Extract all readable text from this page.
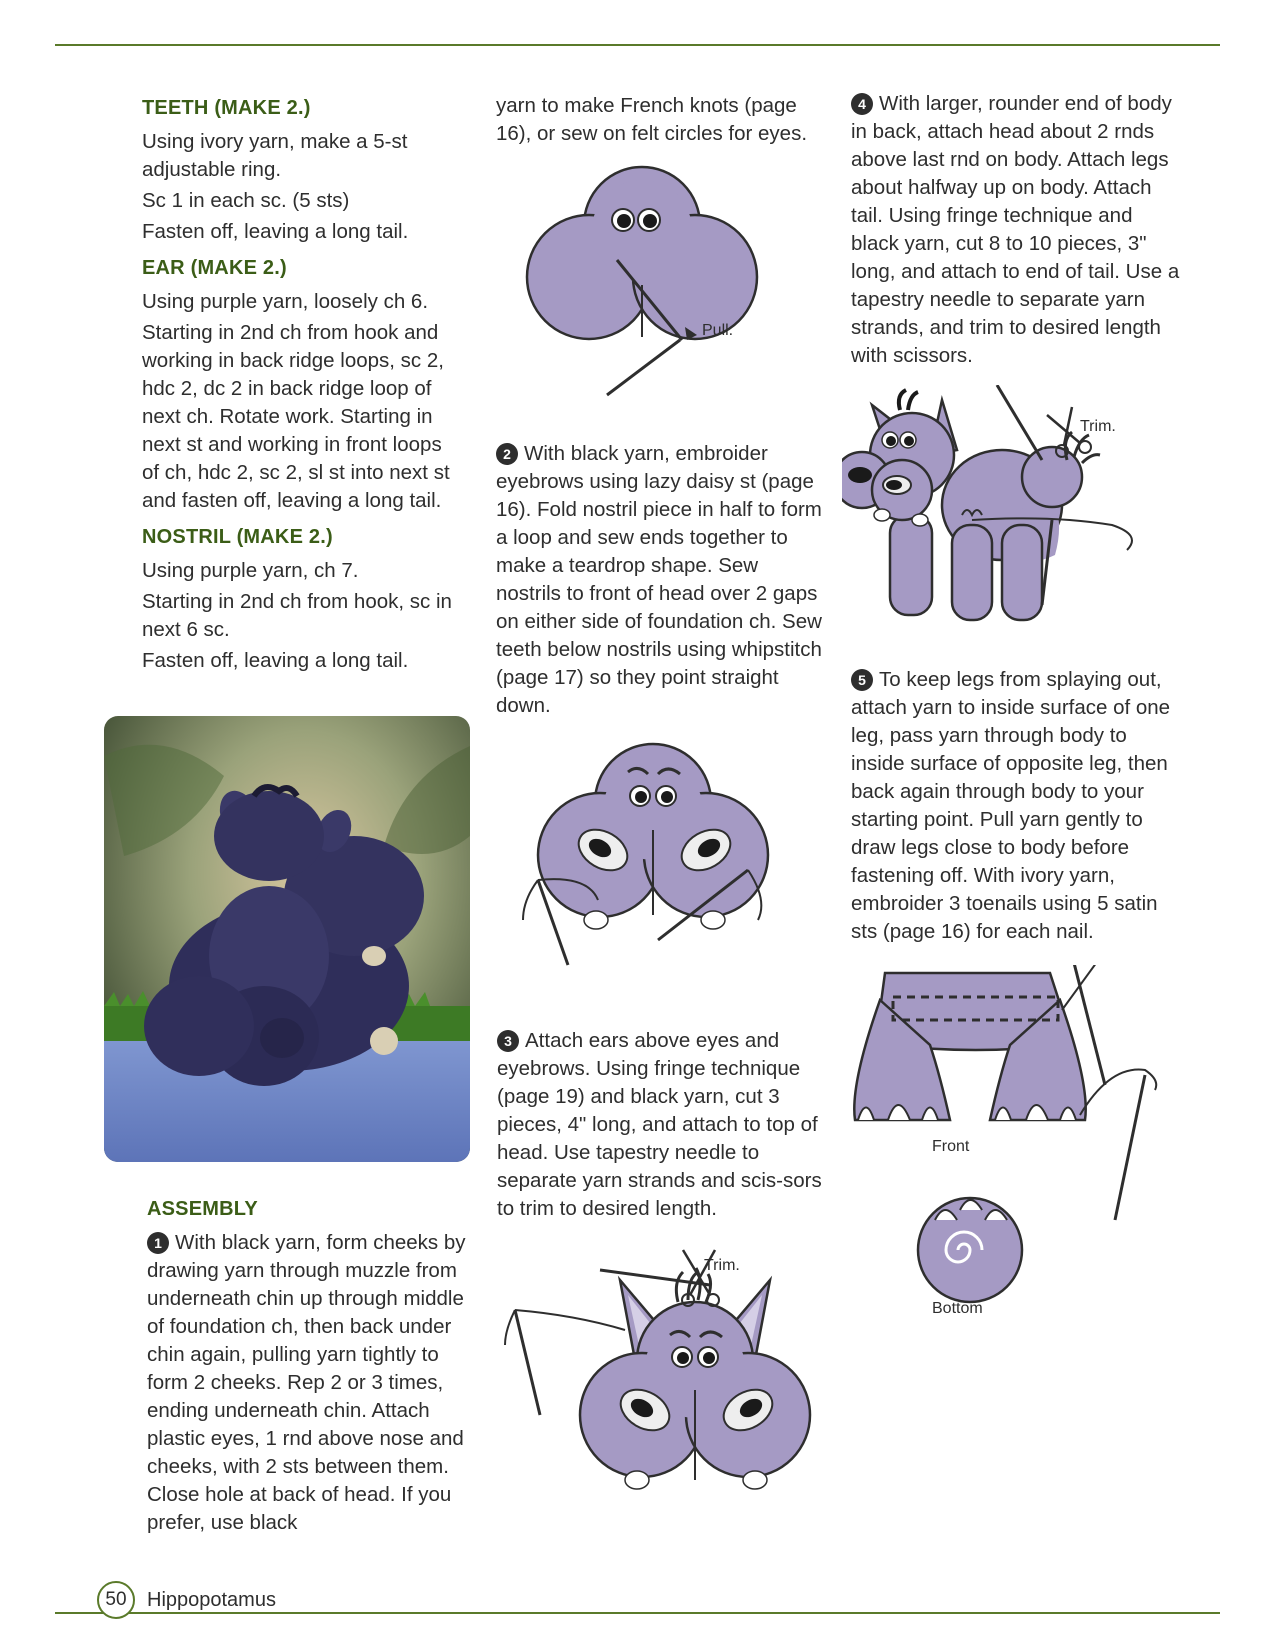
TEETH (MAKE 2.)

Using ivory yarn, make a 5-st adjustable ring.

Sc 1 in each sc. (5 sts)

Fasten off, leaving a long tail.

EAR (MAKE 2.)

Using purple yarn, loosely ch 6.

Starting in 2nd ch from hook and working in back ridge loops, sc 2, hdc 2, dc 2 in back ridge loop of next ch. Rotate work. Starting in next st and working in front loops of ch, hdc 2, sc 2, sl st into next st and fasten off, leaving a long tail.

NOSTRIL (MAKE 2.)

Using purple yarn, ch 7.

Starting in 2nd ch from hook, sc in next 6 sc.

Fasten off, leaving a long tail.

ASSEMBLY

1 With black yarn, form cheeks by drawing yarn through muzzle from underneath chin up through middle of foundation ch, then back under chin again, pulling yarn tightly to form 2 cheeks. Rep 2 or 3 times, ending underneath chin. Attach plastic eyes, 1 rnd above nose and cheeks, with 2 sts between them. Close hole at back of head. If you prefer, use black

yarn to make French knots (page 16), or sew on felt circles for eyes.
Pull.

2 With black yarn, embroider eyebrows using lazy daisy st (page 16). Fold nostril piece in half to form a loop and sew ends together to make a teardrop shape. Sew nostrils to front of head over 2 gaps on either side of foundation ch. Sew teeth below nostrils using whipstitch (page 17) so they point straight down.

3 Attach ears above eyes and eyebrows. Using fringe technique (page 19) and black yarn, cut 3 pieces, 4" long, and attach to top of head. Use tapestry needle to separate yarn strands and scis-sors to trim to desired length.

Trim.

4 With larger, rounder end of body in back, attach head about 2 rnds above last rnd on body. Attach legs about halfway up on body. Attach tail. Using fringe technique and black yarn, cut 8 to 10 pieces, 3" long, and attach to end of tail. Use a tapestry needle to separate yarn strands, and trim to desired length with scissors.

Trim.

5 To keep legs from splaying out, attach yarn to inside surface of one leg, pass yarn through body to inside surface of opposite leg, then back again through body to your starting point. Pull yarn gently to draw legs close to body before fastening off. With ivory yarn, embroider 3 toenails using 5 satin sts (page 16) for each nail.

Front
Bottom
50	Hippopotamus
